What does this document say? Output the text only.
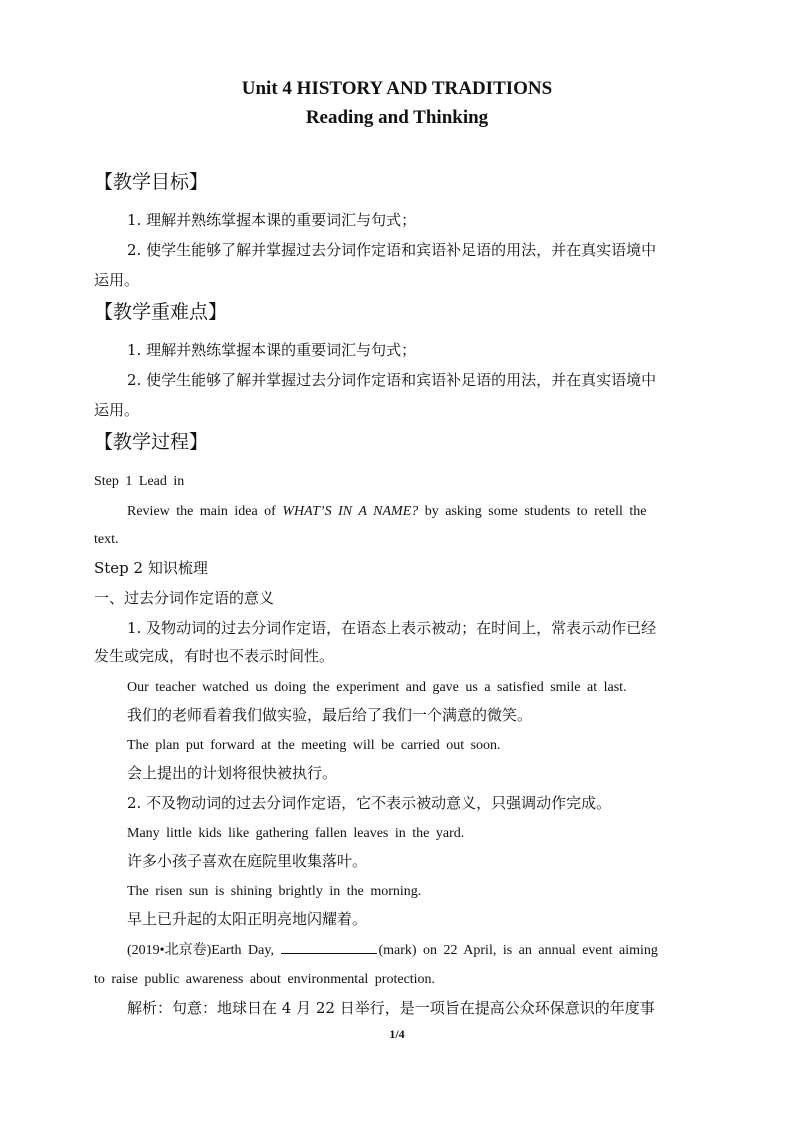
Unit 4 HISTORY AND TRADITIONS
Reading and Thinking
【教学目标】
1. 理解并熟练掌握本课的重要词汇与句式；
2. 使学生能够了解并掌握过去分词作定语和宾语补足语的用法，并在真实语境中
运用。
【教学重难点】
1. 理解并熟练掌握本课的重要词汇与句式；
2. 使学生能够了解并掌握过去分词作定语和宾语补足语的用法，并在真实语境中
运用。
【教学过程】
Step 1 Lead in
Review the main idea of WHAT’S IN A NAME? by asking some students to retell the
text.
Step 2 知识梳理
一、过去分词作定语的意义
1. 及物动词的过去分词作定语，在语态上表示被动；在时间上，常表示动作已经
发生或完成，有时也不表示时间性。
Our teacher watched us doing the experiment and gave us a satisfied smile at last.
我们的老师看着我们做实验，最后给了我们一个满意的微笑。
The plan put forward at the meeting will be carried out soon.
会上提出的计划将很快被执行。
2. 不及物动词的过去分词作定语，它不表示被动意义，只强调动作完成。
Many little kids like gathering fallen leaves in the yard.
许多小孩子喜欢在庭院里收集落叶。
The risen sun is shining brightly in the morning.
早上已升起的太阳正明亮地闪耀着。
(2019•北京卷)Earth Day,	(mark) on 22 April, is an annual event aiming
to raise public awareness about environmental protection.
解析：句意：地球日在 4 月 22 日举行，是一项旨在提高公众环保意识的年度事
1/4
